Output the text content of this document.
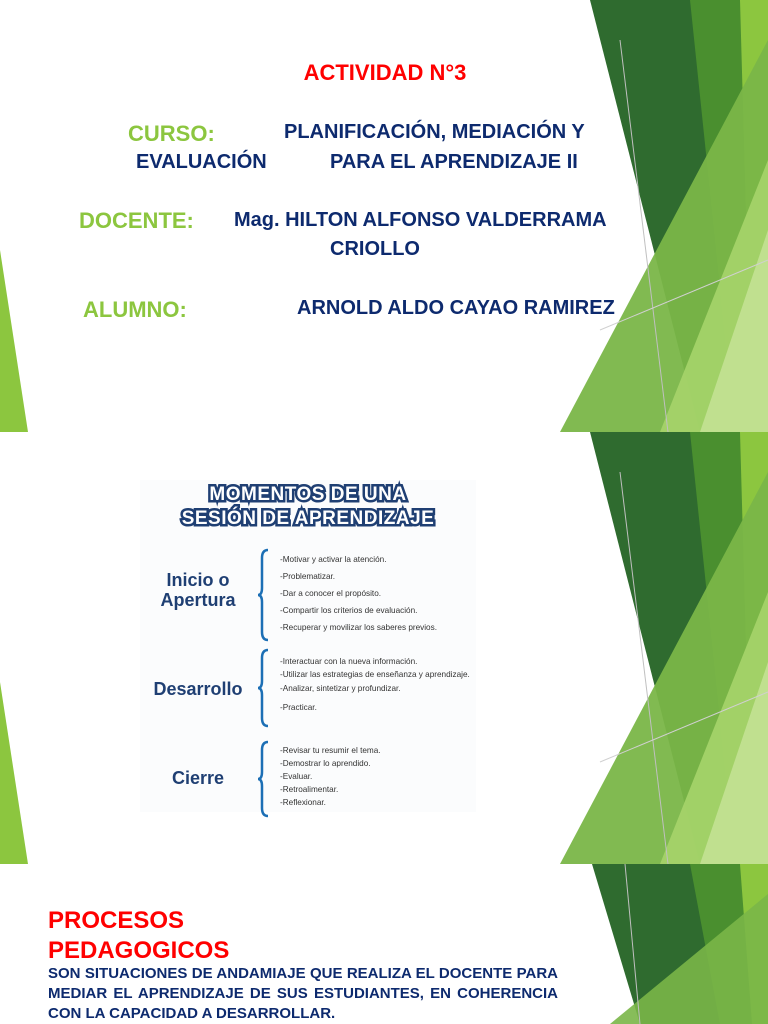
ACTIVIDAD N°3
CURSO:	PLANIFICACIÓN, MEDIACIÓN Y
EVALUACIÓN	PARA EL APRENDIZAJE II
DOCENTE: Mag. HILTON ALFONSO VALDERRAMA
CRIOLLO
ALUMNO:	ARNOLD ALDO CAYAO RAMIREZ
MOMENTOS DE UNA
SESIÓN DE APRENDIZAJE
Inicio o
Apertura
-Motivar y activar la atención.
-Problematizar.
-Dar a conocer el propósito.
-Compartir los criterios de evaluación.
-Recuperar y movilizar los saberes previos.
Desarrollo
-Interactuar con la nueva información.
-Utilizar las estrategias de enseñanza y aprendizaje.
-Analizar, sintetizar y profundizar.
-Practicar.
Cierre
-Revisar tu resumir el tema.
-Demostrar lo aprendido.
-Evaluar.
-Retroalimentar.
-Reflexionar.
PROCESOS
PEDAGOGICOS
SON SITUACIONES DE ANDAMIAJE QUE REALIZA EL DOCENTE PARA MEDIAR EL APRENDIZAJE DE SUS ESTUDIANTES, EN COHERENCIA CON LA CAPACIDAD A DESARROLLAR.
